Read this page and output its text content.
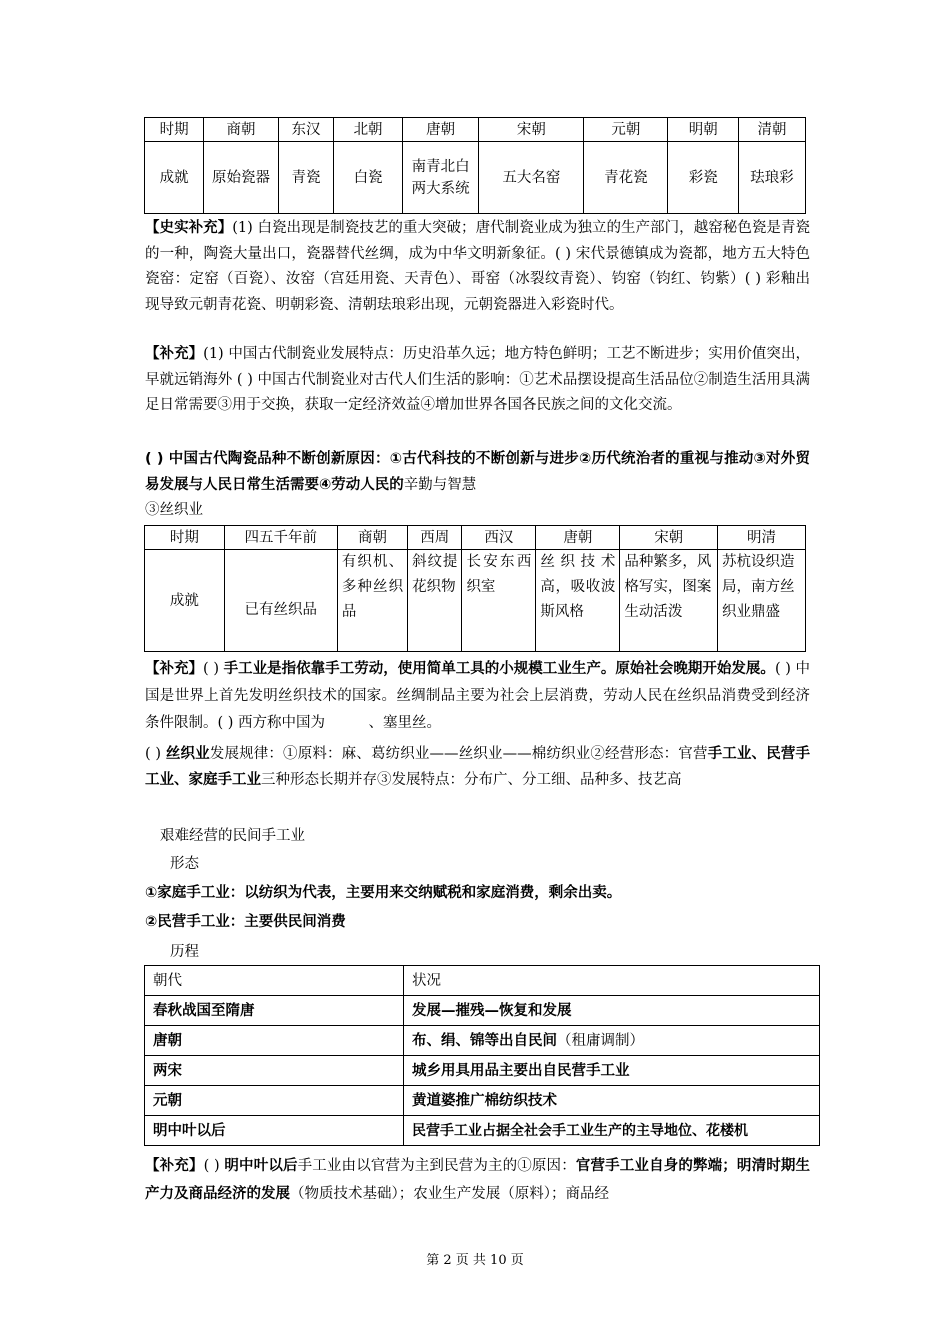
时期	商朝	东汉	北朝	唐朝	宋朝	元朝	明朝	清朝
成就	原始瓷器	青瓷	白瓷	南青北白两大系统	五大名窑	青花瓷	彩瓷	珐琅彩
【史实补充】(1) 白瓷出现是制瓷技艺的重大突破；唐代制瓷业成为独立的生产部门，越窑秘色瓷是青瓷的一种，陶瓷大量出口，瓷器替代丝绸，成为中华文明新象征。( ) 宋代景德镇成为瓷都，地方五大特色瓷窑：定窑（百瓷）、汝窑（宫廷用瓷、天青色）、哥窑（冰裂纹青瓷）、钧窑（钧红、钧紫）( ) 彩釉出现导致元朝青花瓷、明朝彩瓷、清朝珐琅彩出现，元朝瓷器进入彩瓷时代。
【补充】(1) 中国古代制瓷业发展特点：历史沿革久远；地方特色鲜明；工艺不断进步；实用价值突出，早就远销海外 ( ) 中国古代制瓷业对古代人们生活的影响：①艺术品摆设提高生活品位②制造生活用具满足日常需要③用于交换，获取一定经济效益④增加世界各国各民族之间的文化交流。
( ) 中国古代陶瓷品种不断创新原因：①古代科技的不断创新与进步②历代统治者的重视与推动③对外贸易发展与人民日常生活需要④劳动人民的辛勤与智慧
③丝织业
时期	四五千年前	商朝	西周	西汉	唐朝	宋朝	明清
成就	已有丝织品	有织机、多种丝织品	斜纹提花织物	长安东西织室	丝织技术高，吸收波斯风格	品种繁多，风格写实，图案生动活泼	苏杭设织造局，南方丝织业鼎盛
【补充】( ) 手工业是指依靠手工劳动，使用简单工具的小规模工业生产。原始社会晚期开始发展。( ) 中国是世界上首先发明丝织技术的国家。丝绸制品主要为社会上层消费，劳动人民在丝织品消费受到经济条件限制。( ) 西方称中国为　　　、塞里丝。
( ) 丝织业发展规律：①原料：麻、葛纺织业——丝织业——棉纺织业②经营形态：官营手工业、民营手工业、家庭手工业三种形态长期并存③发展特点：分布广、分工细、品种多、技艺高
艰难经营的民间手工业
形态
①家庭手工业：以纺织为代表，主要用来交纳赋税和家庭消费，剩余出卖。
②民营手工业：主要供民间消费
历程
朝代	状况
春秋战国至隋唐	发展—摧残—恢复和发展
唐朝	布、绢、锦等出自民间（租庸调制）
两宋	城乡用具用品主要出自民营手工业
元朝	黄道婆推广棉纺织技术
明中叶以后	民营手工业占据全社会手工业生产的主导地位、花楼机
【补充】( ) 明中叶以后手工业由以官营为主到民营为主的①原因：官营手工业自身的弊端；明清时期生产力及商品经济的发展（物质技术基础）；农业生产发展（原料）；商品经
第 2 页 共 10 页
